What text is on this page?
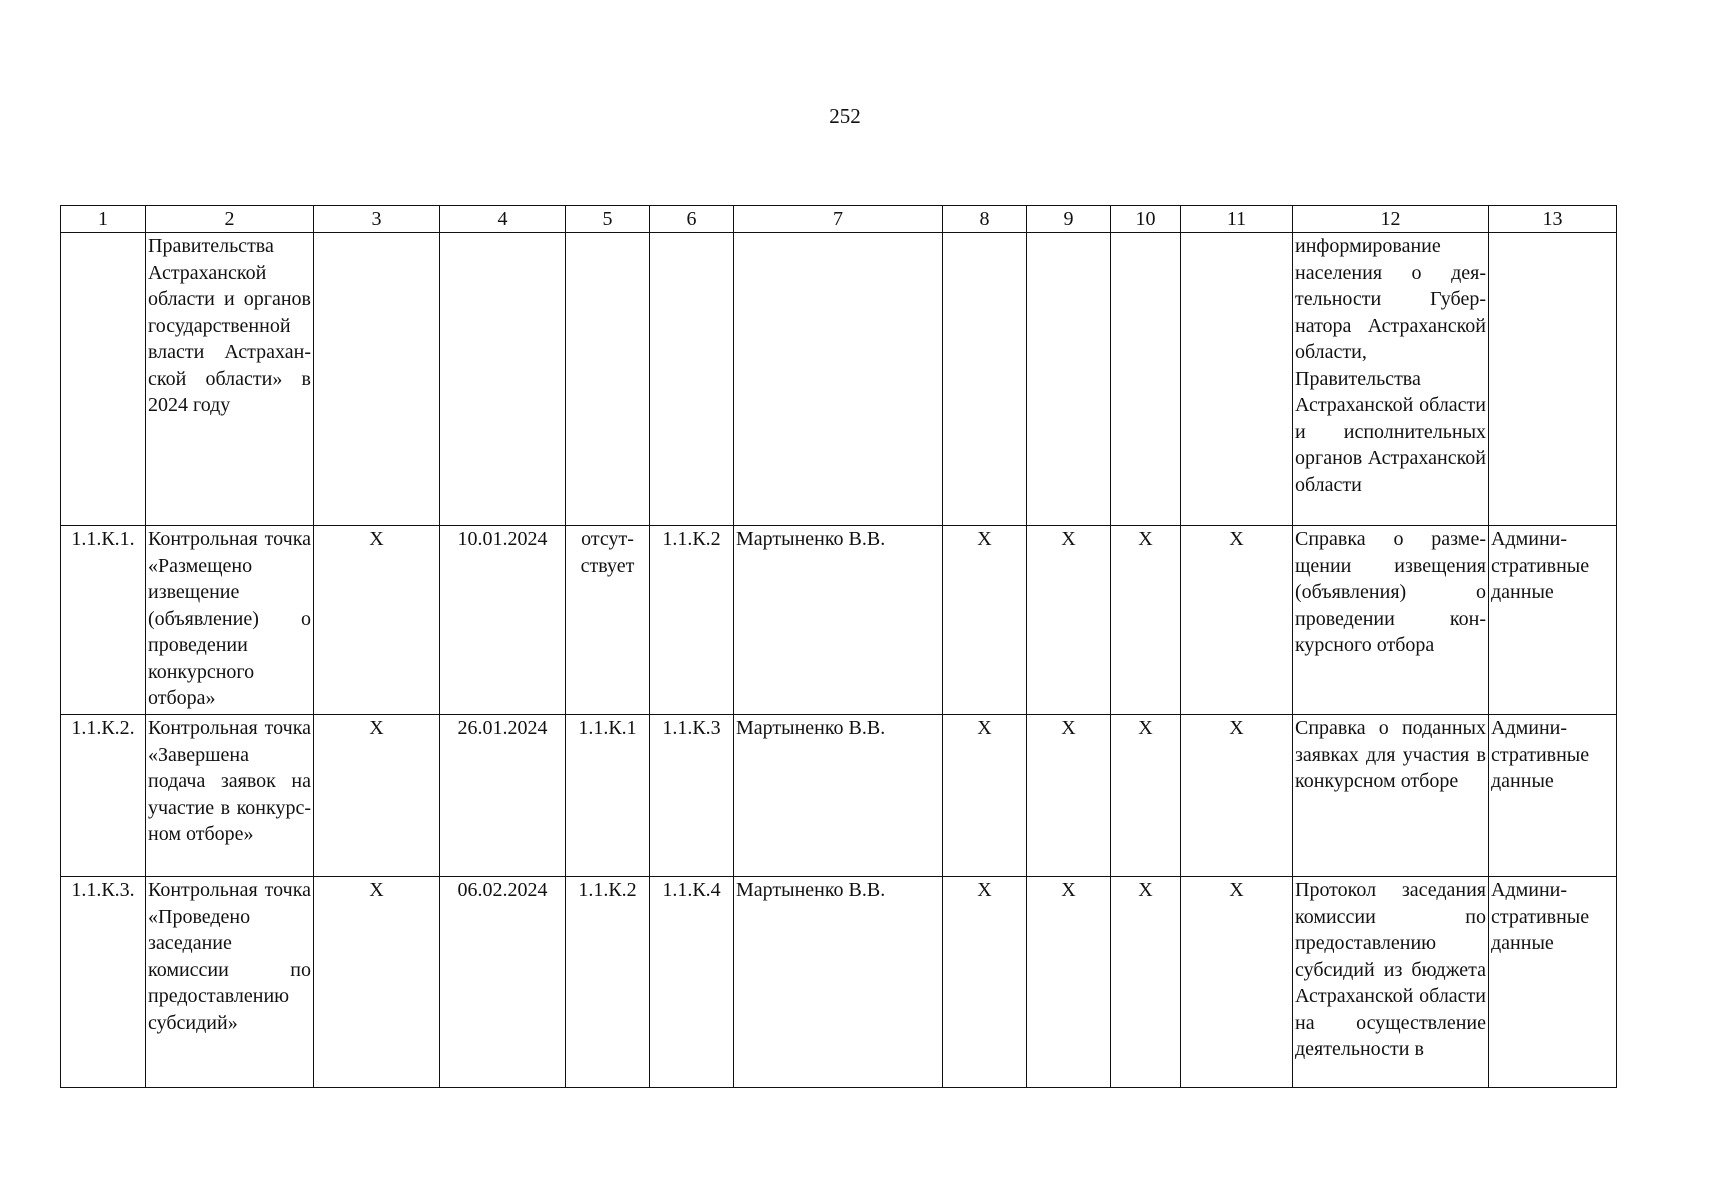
252
1	2	3	4	5	6	7	8	9	10	11	12	13
	Правительства Астраханской области и органов государственной власти Астраханской области» в 2024 году										информирование населения о деятельности Губернатора Астраханской области, Правительства Астраханской области и исполнительных органов Астраханской области	
1.1.К.1.	Контрольная точка «Размещено извещение (объявление) о проведении конкурсного отбора»	X	10.01.2024	отсутствует	1.1.К.2	Мартыненко В.В.	X	X	X	X	Справка о размещении извещения (объявления) о проведении конкурсного отбора	Административные данные
1.1.К.2.	Контрольная точка «Завершена подача заявок на участие в конкурсном отборе»	X	26.01.2024	1.1.К.1	1.1.К.3	Мартыненко В.В.	X	X	X	X	Справка о поданных заявках для участия в конкурсном отборе	Административные данные
1.1.К.3.	Контрольная точка «Проведено заседание комиссии по предоставлению субсидий»	X	06.02.2024	1.1.К.2	1.1.К.4	Мартыненко В.В.	X	X	X	X	Протокол заседания комиссии по предоставлению субсидий из бюджета Астраханской области на осуществление деятельности в	Административные данные
